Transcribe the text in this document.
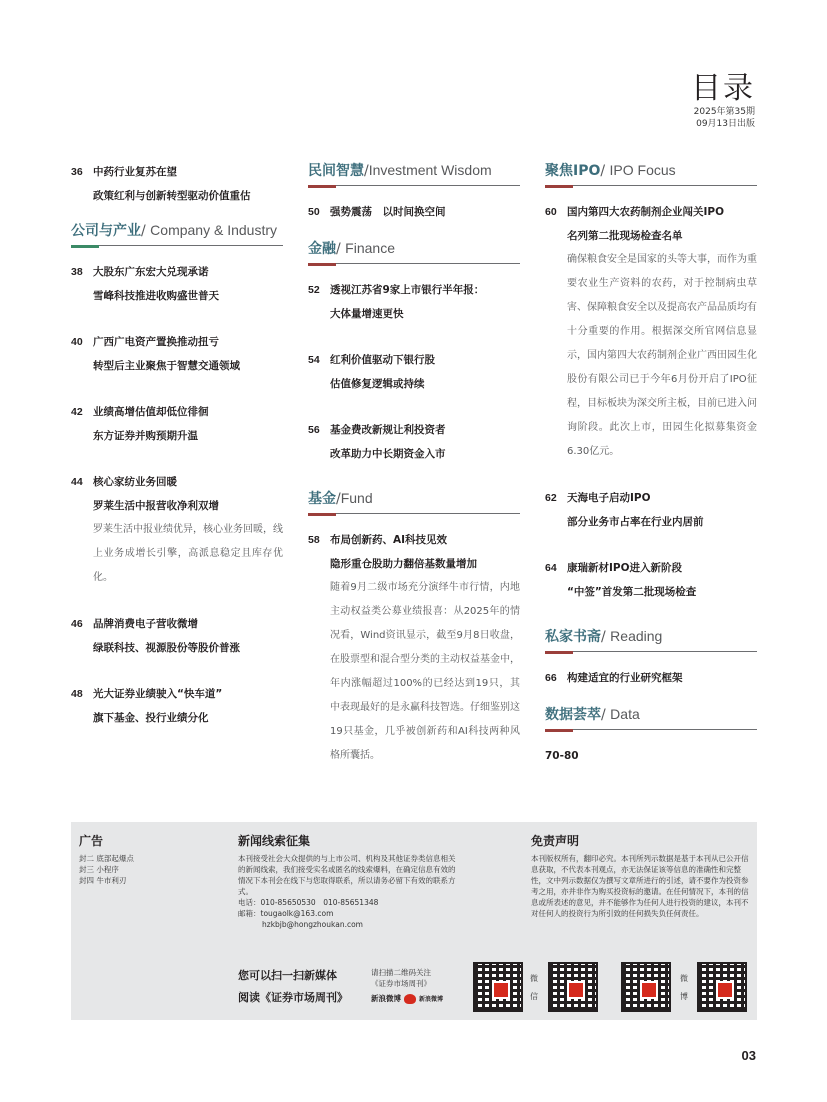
目录
2025年第35期
09月13日出版
36 中药行业复苏在望
政策红利与创新转型驱动价值重估
公司与产业/ Company & Industry
38 大股东广东宏大兑现承诺
雪峰科技推进收购盛世普天
40 广西广电资产置换推动扭亏
转型后主业聚焦于智慧交通领域
42 业绩高增估值却低位徘徊
东方证券并购预期升温
44 核心家纺业务回暖
罗莱生活中报营收净利双增
罗莱生活中报业绩优异，核心业务回暖，线上业务成增长引擎，高派息稳定且库存优化。
46 品牌消费电子营收微增
绿联科技、视源股份等股价普涨
48 光大证券业绩驶入“快车道”
旗下基金、投行业绩分化
民间智慧/Investment Wisdom
50 强势震荡　以时间换空间
金融/ Finance
52 透视江苏省9家上市银行半年报：
大体量增速更快
54 红利价值驱动下银行股
估值修复逻辑或持续
56 基金费改新规让利投资者
改革助力中长期资金入市
基金/Fund
58 布局创新药、AI科技见效
隐形重仓股助力翻倍基数量增加
随着9月二级市场充分演绎牛市行情，内地主动权益类公募业绩报喜：从2025年的情况看，Wind资讯显示，截至9月8日收盘，在股票型和混合型分类的主动权益基金中，年内涨幅超过100%的已经达到19只，其中表现最好的是永赢科技智选。仔细鉴别这19只基金，几乎被创新药和AI科技两种风格所囊括。
聚焦IPO/ IPO Focus
60 国内第四大农药制剂企业闯关IPO
名列第二批现场检查名单
确保粮食安全是国家的头等大事，而作为重要农业生产资料的农药，对于控制病虫草害、保障粮食安全以及提高农产品品质均有十分重要的作用。根据深交所官网信息显示，国内第四大农药制剂企业广西田园生化股份有限公司已于今年6月份开启了IPO征程，目标板块为深交所主板，目前已进入问询阶段。此次上市，田园生化拟募集资金6.30亿元。
62 天海电子启动IPO
部分业务市占率在行业内居前
64 康瑞新材IPO进入新阶段
“中签”首发第二批现场检查
私家书斋/ Reading
66 构建适宜的行业研究框架
数据荟萃/ Data
70-80
广告
封二 底部起爆点
封三 小程序
封四 牛市利刃
新闻线索征集
本刊接受社会大众提供的与上市公司、机构及其他证券类信息相关的新闻线索，我们接受实名或匿名的线索爆料，在确定信息有效的情况下本刊会在线下与您取得联系，所以请务必留下有效的联系方式。
电话：010-85650530　010-85651348
邮箱：tougaolk@163.com
hzkbjb@hongzhoukan.com
免责声明
本刊版权所有，翻印必究。本刊所列示数据是基于本刊从已公开信息获取，不代表本刊观点，亦无法保证该等信息的准确性和完整性，文中列示数据仅为撰写文章所进行的引述，请不要作为投资参考之用，亦并非作为购买投资标的邀请。在任何情况下，本刊的信息或所表述的意见，并不能够作为任何人进行投资的建议，本刊不对任何人的投资行为所引致的任何损失负任何责任。
您可以扫一扫新媒体
阅读《证券市场周刊》
请扫描二维码关注
《证券市场周刊》
新浪微博	新浪微博
微信
微博
03
